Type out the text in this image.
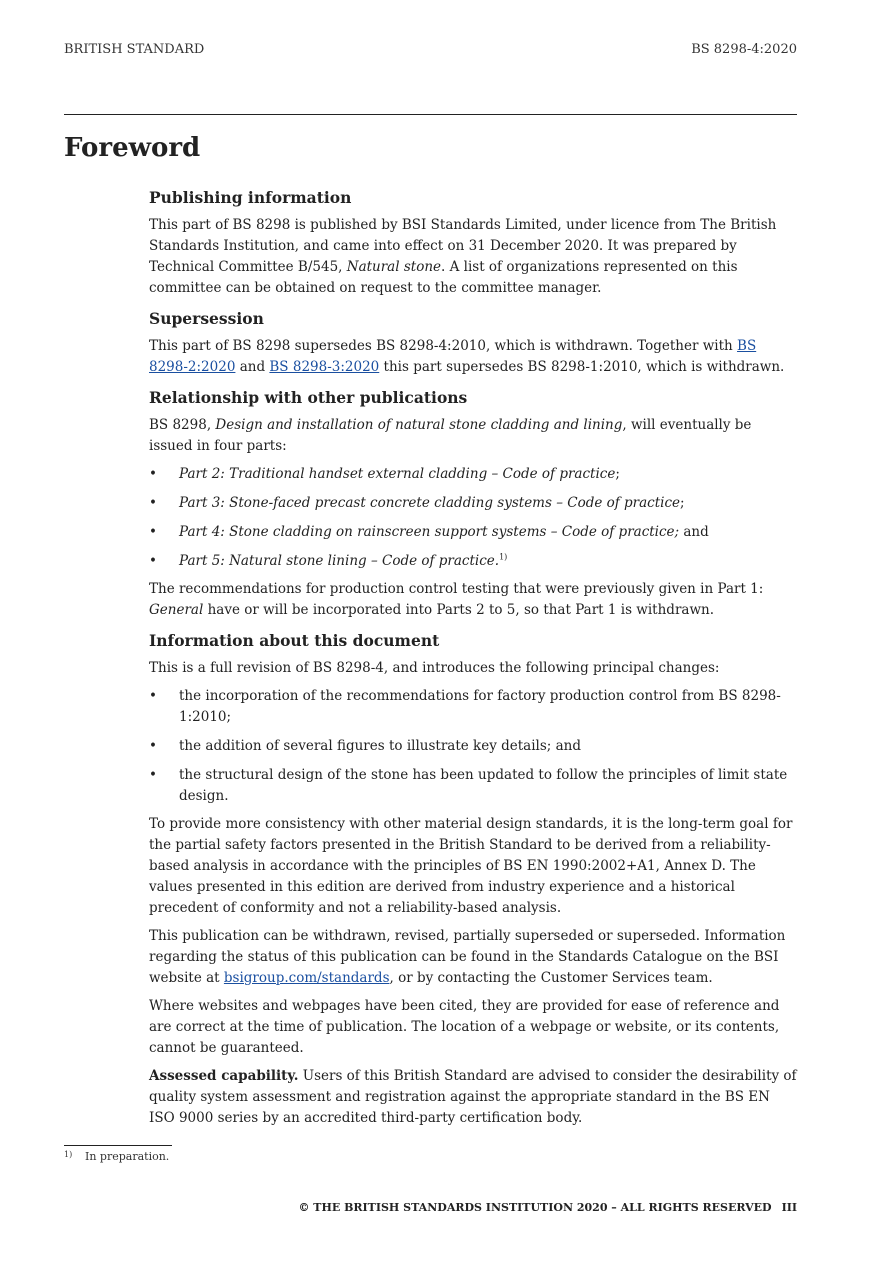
BRITISH STANDARD	BS 8298-4:2020
Foreword
Publishing information

This part of BS 8298 is published by BSI Standards Limited, under licence from The British Standards Institution, and came into effect on 31 December 2020. It was prepared by Technical Committee B/545, Natural stone. A list of organizations represented on this committee can be obtained on request to the committee manager.

Supersession

This part of BS 8298 supersedes BS 8298-4:2010, which is withdrawn. Together with BS 8298-2:2020 and BS 8298-3:2020 this part supersedes BS 8298-1:2010, which is withdrawn.

Relationship with other publications

BS 8298, Design and installation of natural stone cladding and lining, will eventually be issued in four parts:

• Part 2: Traditional handset external cladding – Code of practice;
• Part 3: Stone-faced precast concrete cladding systems – Code of practice;
• Part 4: Stone cladding on rainscreen support systems – Code of practice; and
• Part 5: Natural stone lining – Code of practice.$^{1)}$

The recommendations for production control testing that were previously given in Part 1: General have or will be incorporated into Parts 2 to 5, so that Part 1 is withdrawn.

Information about this document

This is a full revision of BS 8298-4, and introduces the following principal changes:

• the incorporation of the recommendations for factory production control from BS 8298-1:2010;
• the addition of several figures to illustrate key details; and
• the structural design of the stone has been updated to follow the principles of limit state design.

To provide more consistency with other material design standards, it is the long-term goal for the partial safety factors presented in the British Standard to be derived from a reliability-based analysis in accordance with the principles of BS EN 1990:2002+A1, Annex D. The values presented in this edition are derived from industry experience and a historical precedent of conformity and not a reliability-based analysis.

This publication can be withdrawn, revised, partially superseded or superseded. Information regarding the status of this publication can be found in the Standards Catalogue on the BSI website at bsigroup.com/standards, or by contacting the Customer Services team.

Where websites and webpages have been cited, they are provided for ease of reference and are correct at the time of publication. The location of a webpage or website, or its contents, cannot be guaranteed.

Assessed capability. Users of this British Standard are advised to consider the desirability of quality system assessment and registration against the appropriate standard in the BS EN ISO 9000 series by an accredited third-party certification body.

1) In preparation.
© THE BRITISH STANDARDS INSTITUTION 2020 – ALL RIGHTS RESERVED III
